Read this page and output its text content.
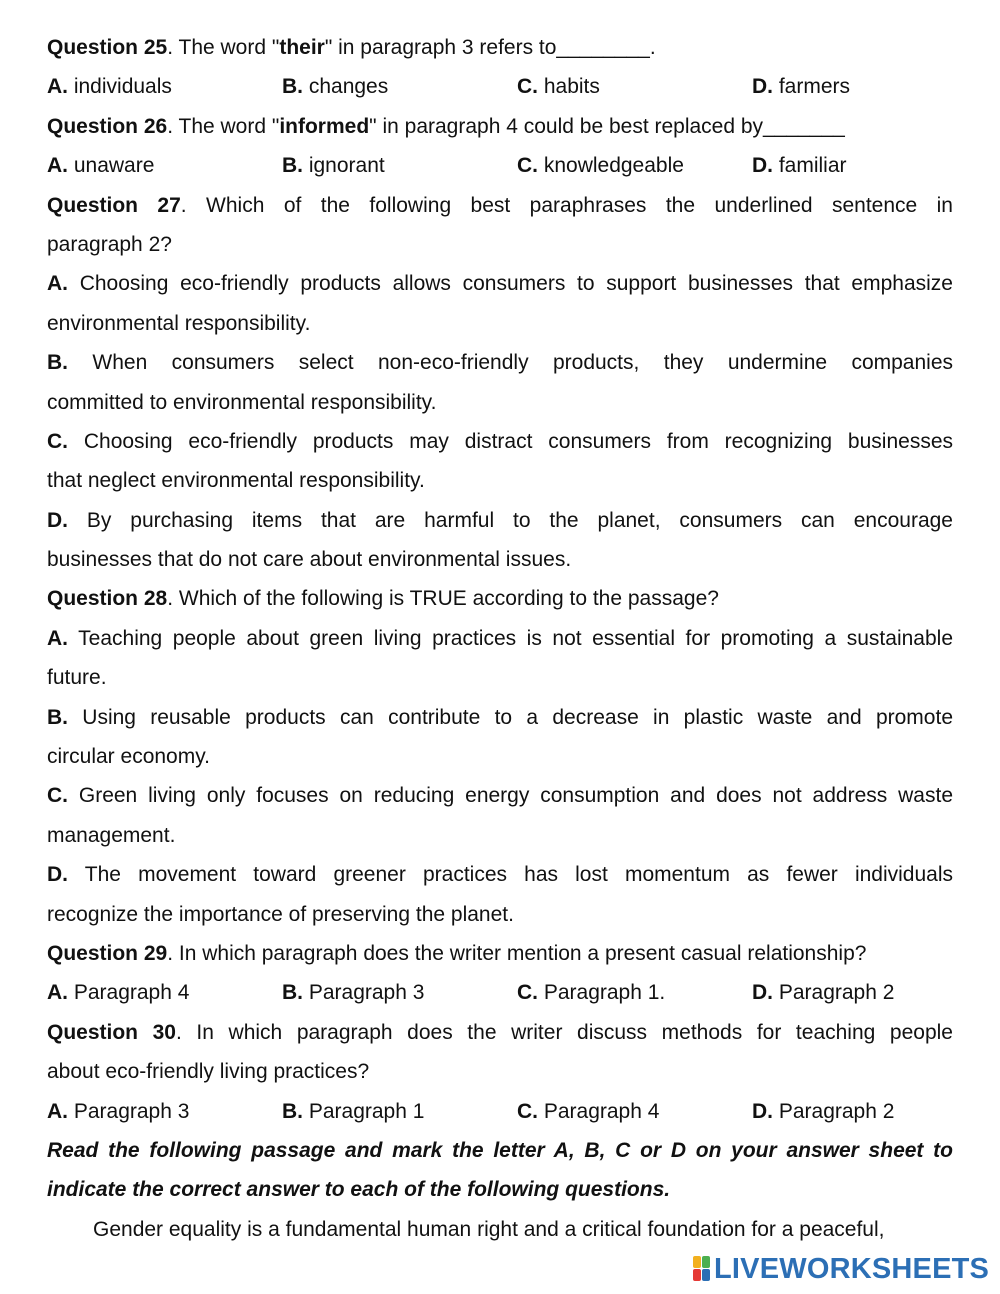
Question 25. The word "their" in paragraph 3 refers to________.
A. individuals	B. changes	C. habits	D. farmers
Question 26. The word "informed" in paragraph 4 could be best replaced by_______
A. unaware	B. ignorant	C. knowledgeable	D. familiar
Question 27. Which of the following best paraphrases the underlined sentence in
paragraph 2?
A. Choosing eco-friendly products allows consumers to support businesses that emphasize
environmental responsibility.
B. When consumers select non-eco-friendly products, they undermine companies
committed to environmental responsibility.
C. Choosing eco-friendly products may distract consumers from recognizing businesses
that neglect environmental responsibility.
D. By purchasing items that are harmful to the planet, consumers can encourage
businesses that do not care about environmental issues.
Question 28. Which of the following is TRUE according to the passage?
A. Teaching people about green living practices is not essential for promoting a sustainable
future.
B. Using reusable products can contribute to a decrease in plastic waste and promote
circular economy.
C. Green living only focuses on reducing energy consumption and does not address waste
management.
D. The movement toward greener practices has lost momentum as fewer individuals
recognize the importance of preserving the planet.
Question 29. In which paragraph does the writer mention a present casual relationship?
A. Paragraph 4	B. Paragraph 3	C. Paragraph 1.	D. Paragraph 2
Question 30. In which paragraph does the writer discuss methods for teaching people
about eco-friendly living practices?
A. Paragraph 3	B. Paragraph 1	C. Paragraph 4	D. Paragraph 2
Read the following passage and mark the letter A, B, C or D on your answer sheet to
indicate the correct answer to each of the following questions.
Gender equality is a fundamental human right and a critical foundation for a peaceful,
LIVEWORKSHEETS
